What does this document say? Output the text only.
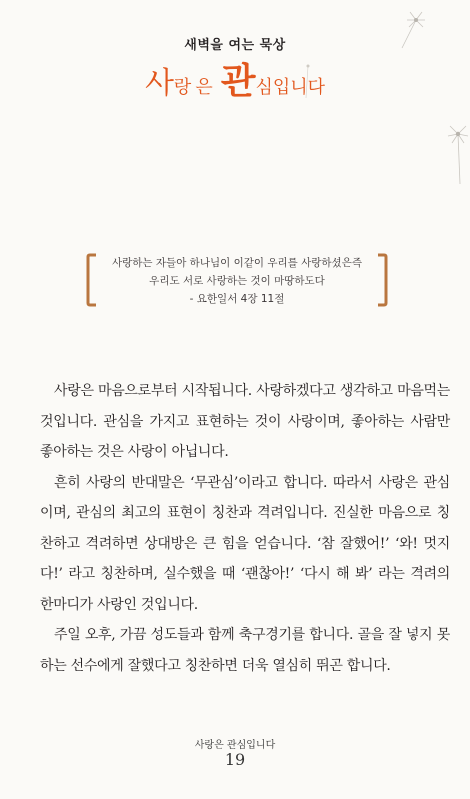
새벽을 여는 묵상
사랑 은 관심입니다
사랑하는 자들아 하나님이 이같이 우리를 사랑하셨은즉
우리도 서로 사랑하는 것이 마땅하도다
- 요한일서 4장 11절

사랑은 마음으로부터 시작됩니다. 사랑하겠다고 생각하고 마음먹는 것입니다. 관심을 가지고 표현하는 것이 사랑이며, 좋아하는 사람만 좋아하는 것은 사랑이 아닙니다.

흔히 사랑의 반대말은 ‘무관심’이라고 합니다. 따라서 사랑은 관심이며, 관심의 최고의 표현이 칭찬과 격려입니다. 진실한 마음으로 칭찬하고 격려하면 상대방은 큰 힘을 얻습니다. ‘참 잘했어!’ ‘와! 멋지다!’ 라고 칭찬하며, 실수했을 때 ‘괜찮아!’ ‘다시 해 봐’ 라는 격려의 한마디가 사랑인 것입니다.

주일 오후, 가끔 성도들과 함께 축구경기를 합니다. 골을 잘 넣지 못하는 선수에게 잘했다고 칭찬하면 더욱 열심히 뛰곤 합니다.

사랑은 관심입니다
19
